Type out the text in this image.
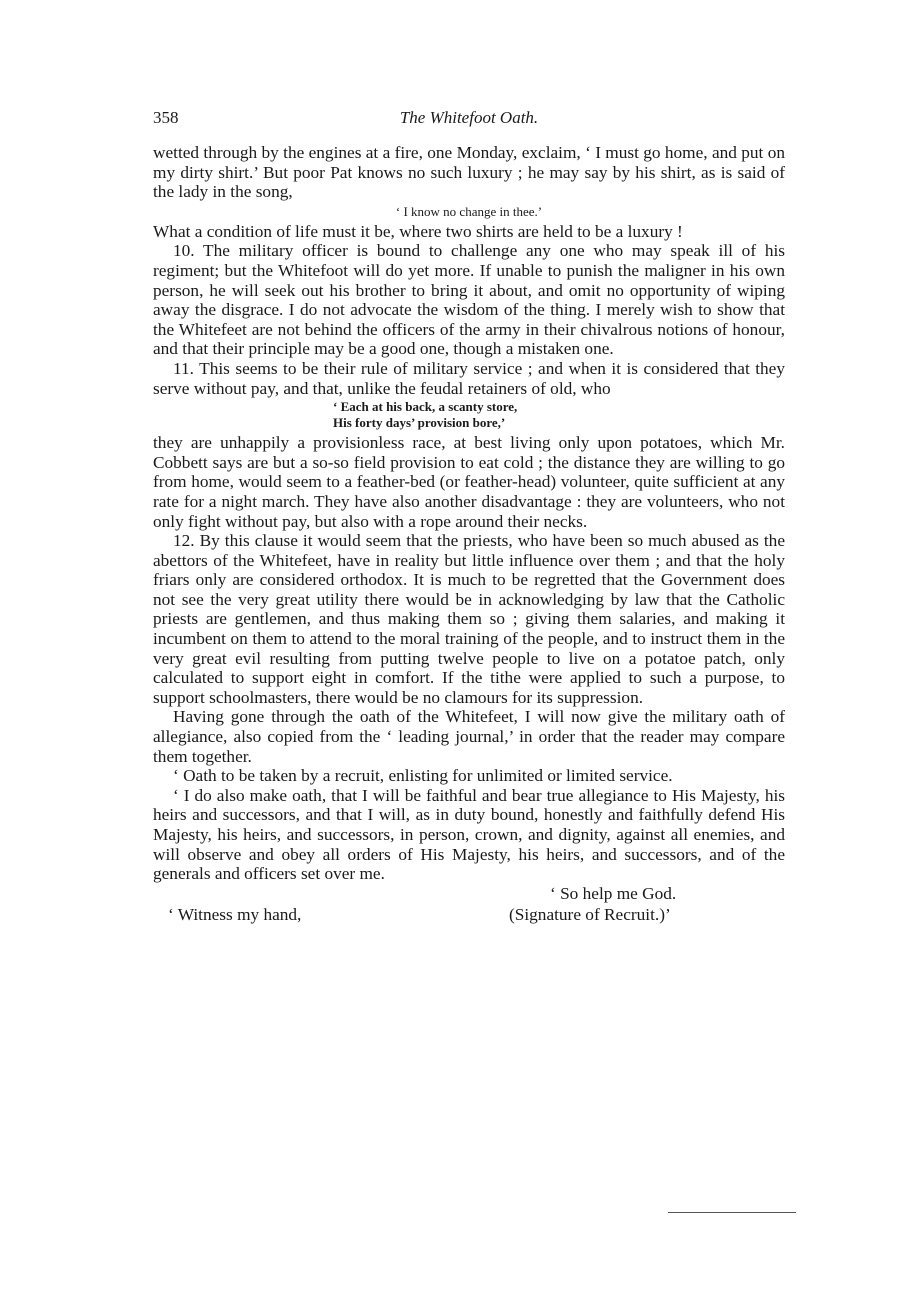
358	The Whitefoot Oath.

wetted through by the engines at a fire, one Monday, exclaim, ‘ I must go home, and put on my dirty shirt.’ But poor Pat knows no such luxury ; he may say by his shirt, as is said of the lady in the song,

‘ I know no change in thee.’

What a condition of life must it be, where two shirts are held to be a luxury !

10. The military officer is bound to challenge any one who may speak ill of his regiment; but the Whitefoot will do yet more. If unable to punish the maligner in his own person, he will seek out his brother to bring it about, and omit no opportunity of wiping away the disgrace. I do not advocate the wisdom of the thing. I merely wish to show that the Whitefeet are not behind the officers of the army in their chivalrous notions of honour, and that their principle may be a good one, though a mistaken one.

11. This seems to be their rule of military service ; and when it is considered that they serve without pay, and that, unlike the feudal retainers of old, who

‘ Each at his back, a scanty store,
His forty days’ provision bore,’

they are unhappily a provisionless race, at best living only upon potatoes, which Mr. Cobbett says are but a so-so field provision to eat cold ; the distance they are willing to go from home, would seem to a feather-bed (or feather-head) volunteer, quite sufficient at any rate for a night march. They have also another disadvantage : they are volunteers, who not only fight without pay, but also with a rope around their necks.

12. By this clause it would seem that the priests, who have been so much abused as the abettors of the Whitefeet, have in reality but little influence over them ; and that the holy friars only are considered orthodox. It is much to be regretted that the Government does not see the very great utility there would be in acknowledging by law that the Catholic priests are gentlemen, and thus making them so ; giving them salaries, and making it incumbent on them to attend to the moral training of the people, and to instruct them in the very great evil resulting from putting twelve people to live on a potatoe patch, only calculated to support eight in comfort. If the tithe were applied to such a purpose, to support schoolmasters, there would be no clamours for its suppression.

Having gone through the oath of the Whitefeet, I will now give the military oath of allegiance, also copied from the ‘ leading journal,’ in order that the reader may compare them together.

‘ Oath to be taken by a recruit, enlisting for unlimited or limited service.

‘ I do also make oath, that I will be faithful and bear true allegiance to His Majesty, his heirs and successors, and that I will, as in duty bound, honestly and faithfully defend His Majesty, his heirs, and successors, in person, crown, and dignity, against all enemies, and will observe and obey all orders of His Majesty, his heirs, and successors, and of the generals and officers set over me.

‘ So help me God.
‘ Witness my hand,	(Signature of Recruit.)’
